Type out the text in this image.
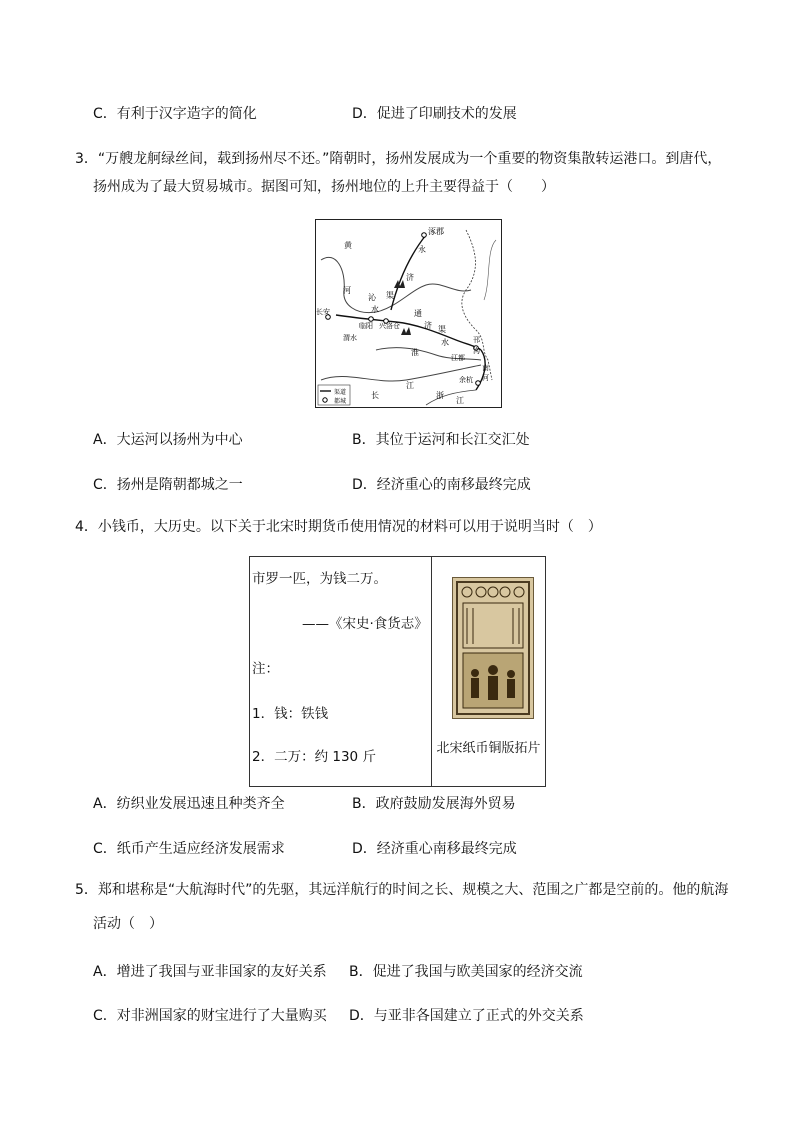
C．有利于汉字造字的简化	D．促进了印刷技术的发展
3．“万艘龙舸绿丝间，载到扬州尽不还。”隋朝时，扬州发展成为一个重要的物资集散转运港口。到唐代，
扬州成为了最大贸易城市。据图可知，扬州地位的上升主要得益于（　　）
涿郡
永
黄
济
河
沁 渠
长安	水	通
临阳 兴洛仓	济 渠
渭水
淮
水
江都
邗
沟
江
长	浙
江
余杭
南
河
渠道
都城
A．大运河以扬州为中心	B．其位于运河和长江交汇处
C．扬州是隋朝都城之一	D．经济重心的南移最终完成
4．小钱币，大历史。以下关于北宋时期货币使用情况的材料可以用于说明当时（　）
市罗一匹，为钱二万。
——《宋史·食货志》
注：
1．钱：铁钱
2．二万：约 130 斤
北宋纸币铜版拓片
A．纺织业发展迅速且种类齐全	B．政府鼓励发展海外贸易
C．纸币产生适应经济发展需求	D．经济重心南移最终完成
5．郑和堪称是“大航海时代”的先驱，其远洋航行的时间之长、规模之大、范围之广都是空前的。他的航海
活动（　）
A．增进了我国与亚非国家的友好关系 B．促进了我国与欧美国家的经济交流
C．对非洲国家的财宝进行了大量购买 D．与亚非各国建立了正式的外交关系
